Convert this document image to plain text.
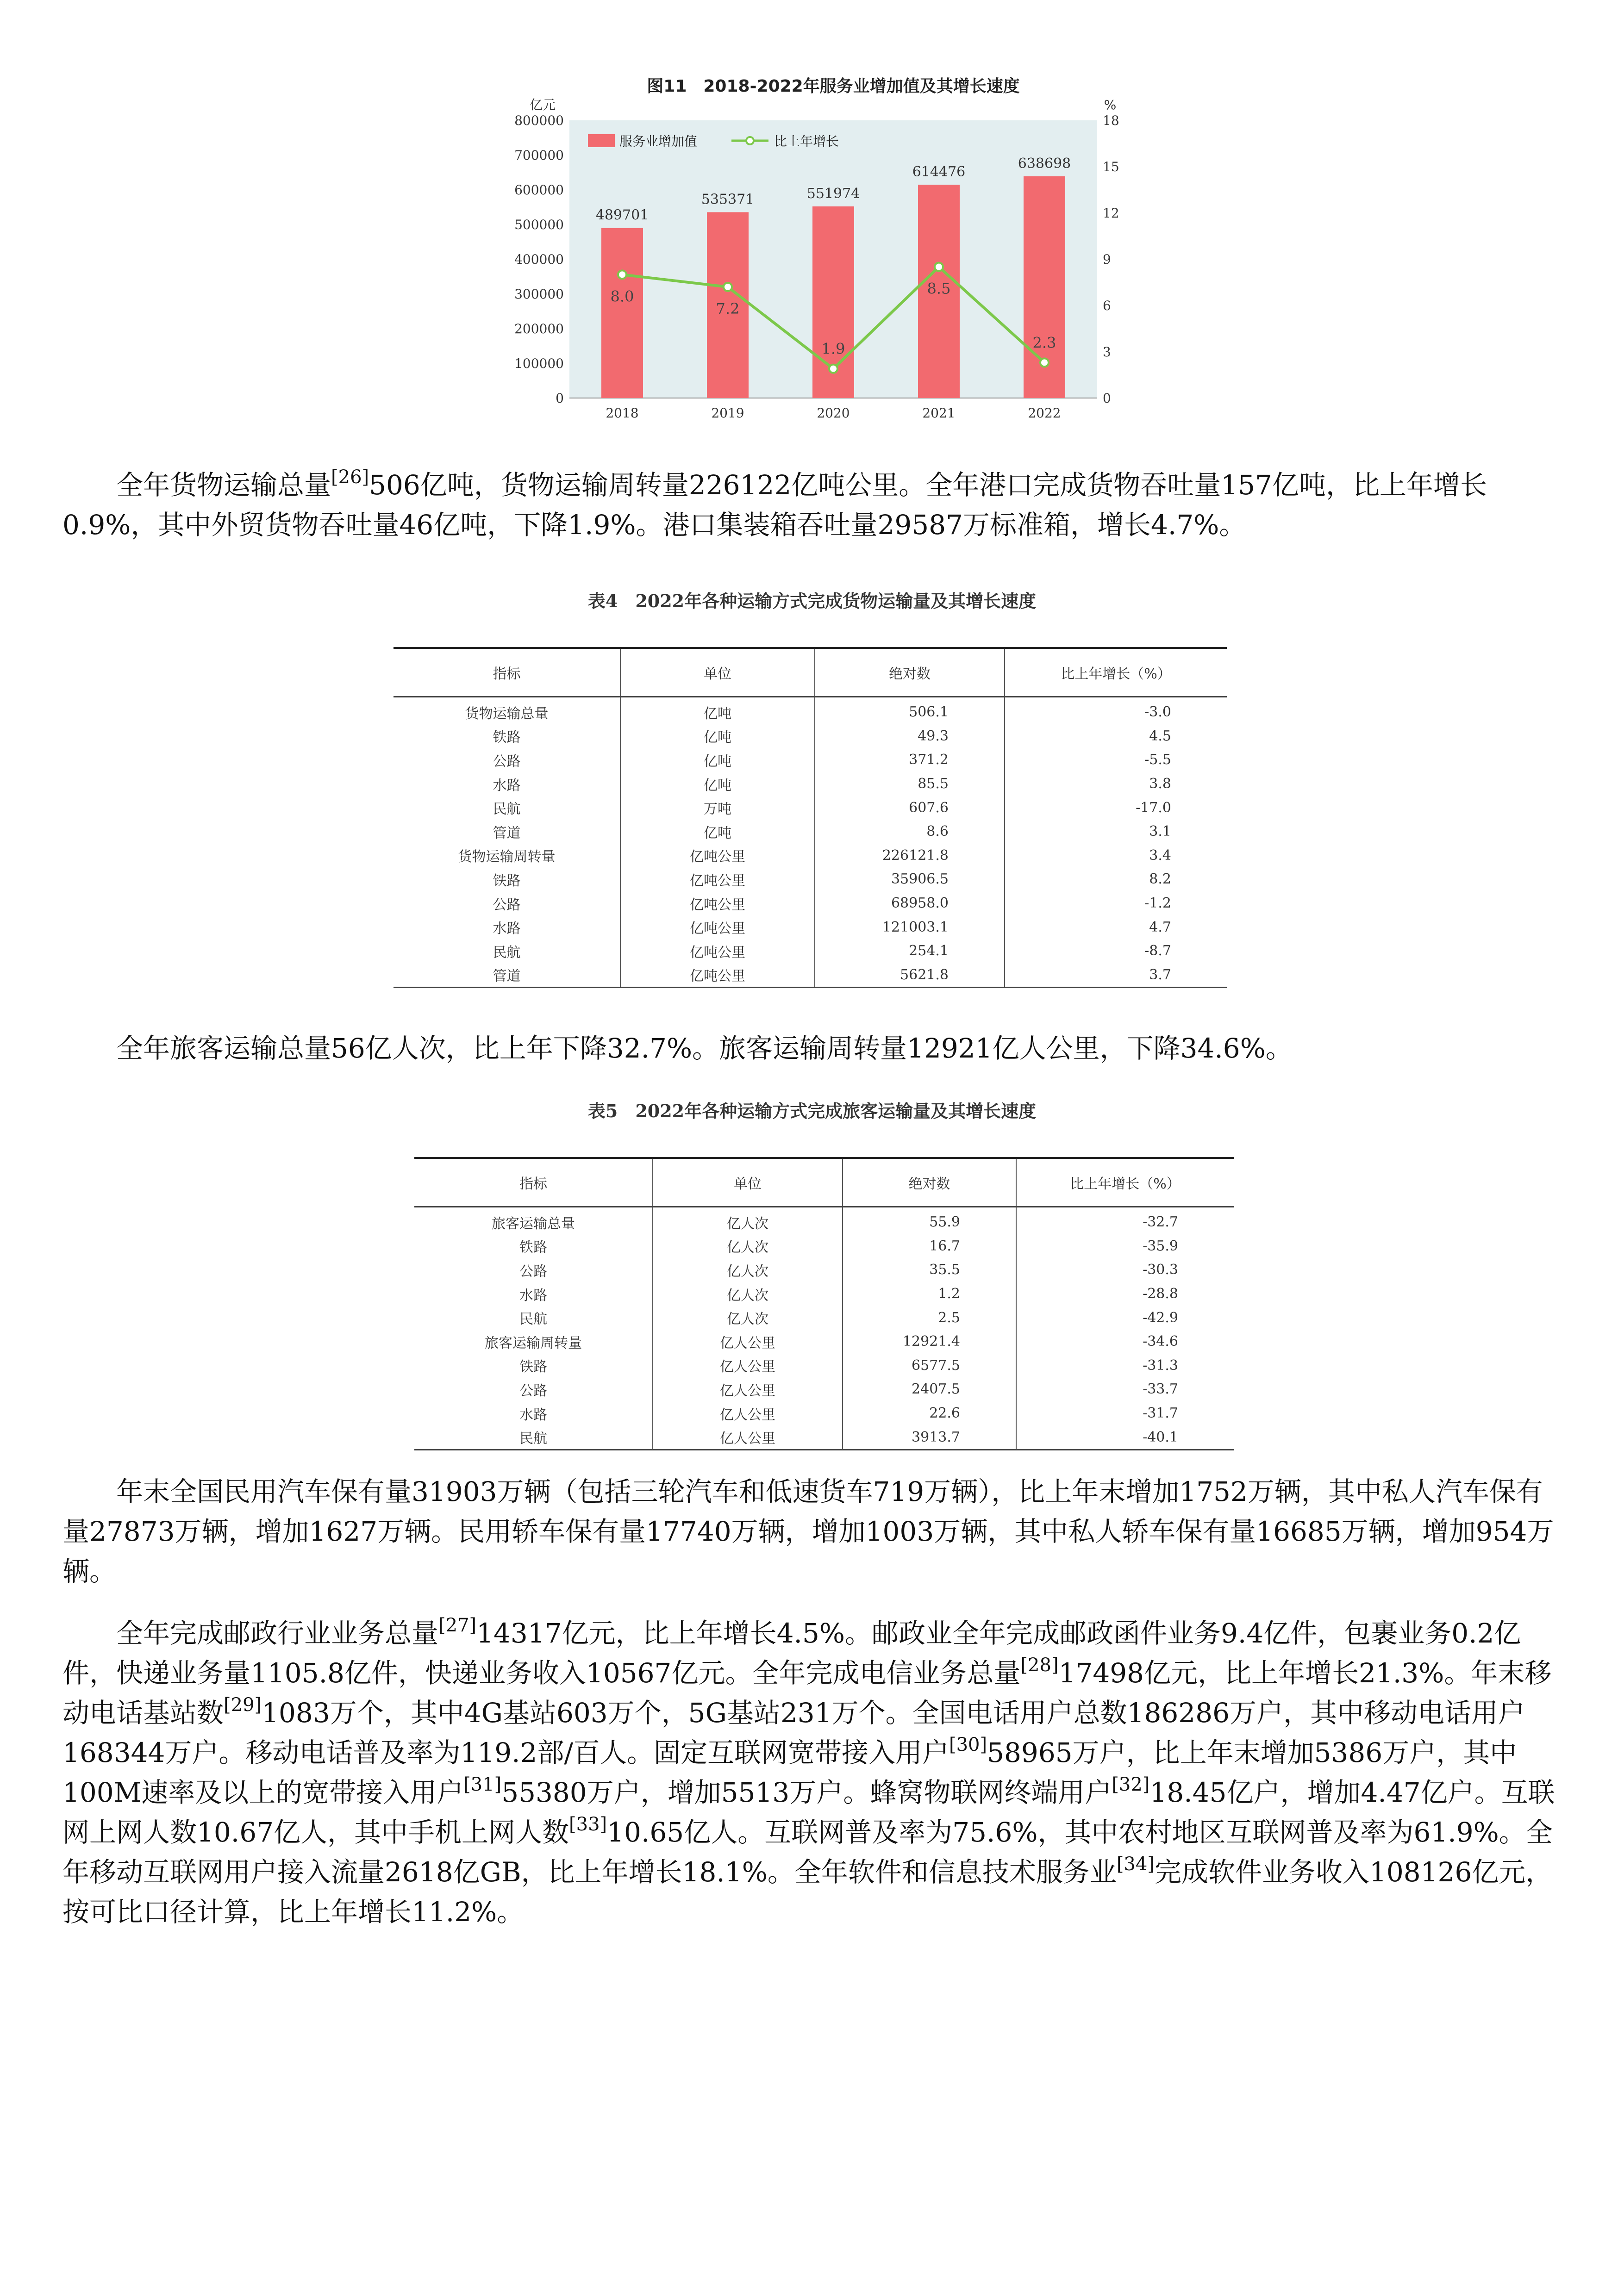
图11　2018-2022年服务业增加值及其增长速度
亿元
0
100000
200000
300000
400000
500000
600000
700000
800000
%
0
3
6
9
12
15
18
489701
2018
535371
2019
551974
2020
614476
2021
638698
2022
8.0
7.2
1.9
8.5
2.3
服务业增加值	比上年增长

全年货物运输总量[26]506亿吨，货物运输周转量226122亿吨公里。全年港口完成货物吞吐量157亿吨，比上年增长0.9%，其中外贸货物吞吐量46亿吨，下降1.9%。港口集装箱吞吐量29587万标准箱，增长4.7%。

表4　2022年各种运输方式完成货物运输量及其增长速度
指标	单位	绝对数	比上年增长（%）
货物运输总量	亿吨	506.1	-3.0
铁路	亿吨	49.3	4.5
公路	亿吨	371.2	-5.5
水路	亿吨	85.5	3.8
民航	万吨	607.6	-17.0
管道	亿吨	8.6	3.1
货物运输周转量	亿吨公里	226121.8	3.4
铁路	亿吨公里	35906.5	8.2
公路	亿吨公里	68958.0	-1.2
水路	亿吨公里	121003.1	4.7
民航	亿吨公里	254.1	-8.7
管道	亿吨公里	5621.8	3.7

全年旅客运输总量56亿人次，比上年下降32.7%。旅客运输周转量12921亿人公里，下降34.6%。

表5　2022年各种运输方式完成旅客运输量及其增长速度
指标	单位	绝对数	比上年增长（%）
旅客运输总量	亿人次	55.9	-32.7
铁路	亿人次	16.7	-35.9
公路	亿人次	35.5	-30.3
水路	亿人次	1.2	-28.8
民航	亿人次	2.5	-42.9
旅客运输周转量	亿人公里	12921.4	-34.6
铁路	亿人公里	6577.5	-31.3
公路	亿人公里	2407.5	-33.7
水路	亿人公里	22.6	-31.7
民航	亿人公里	3913.7	-40.1

年末全国民用汽车保有量31903万辆（包括三轮汽车和低速货车719万辆），比上年末增加1752万辆，其中私人汽车保有量27873万辆，增加1627万辆。民用轿车保有量17740万辆，增加1003万辆，其中私人轿车保有量16685万辆，增加954万辆。

全年完成邮政行业业务总量[27]14317亿元，比上年增长4.5%。邮政业全年完成邮政函件业务9.4亿件，包裹业务0.2亿件，快递业务量1105.8亿件，快递业务收入10567亿元。全年完成电信业务总量[28]17498亿元，比上年增长21.3%。年末移动电话基站数[29]1083万个，其中4G基站603万个，5G基站231万个。全国电话用户总数186286万户，其中移动电话用户168344万户。移动电话普及率为119.2部/百人。固定互联网宽带接入用户[30]58965万户，比上年末增加5386万户，其中100M速率及以上的宽带接入用户[31]55380万户，增加5513万户。蜂窝物联网终端用户[32]18.45亿户，增加4.47亿户。互联网上网人数10.67亿人，其中手机上网人数[33]10.65亿人。互联网普及率为75.6%，其中农村地区互联网普及率为61.9%。全年移动互联网用户接入流量2618亿GB，比上年增长18.1%。全年软件和信息技术服务业[34]完成软件业务收入108126亿元，按可比口径计算，比上年增长11.2%。
